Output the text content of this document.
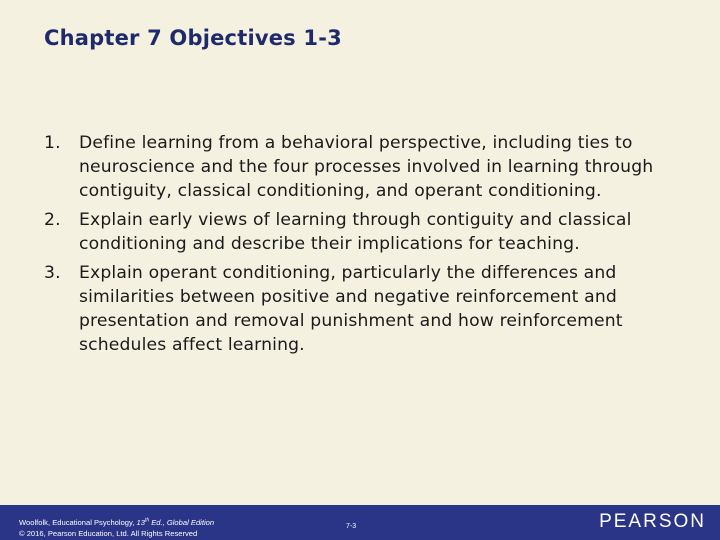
Chapter 7 Objectives 1-3
1. Define learning from a behavioral perspective, including ties to neuroscience and the four processes involved in learning through contiguity, classical conditioning, and operant conditioning.
2. Explain early views of learning through contiguity and classical conditioning and describe their implications for teaching.
3. Explain operant conditioning, particularly the differences and similarities between positive and negative reinforcement and presentation and removal punishment and how reinforcement schedules affect learning.
Woolfolk, Educational Psychology, 13th Ed., Global Edition
© 2016, Pearson Education, Ltd. All Rights Reserved
7-3	PEARSON
